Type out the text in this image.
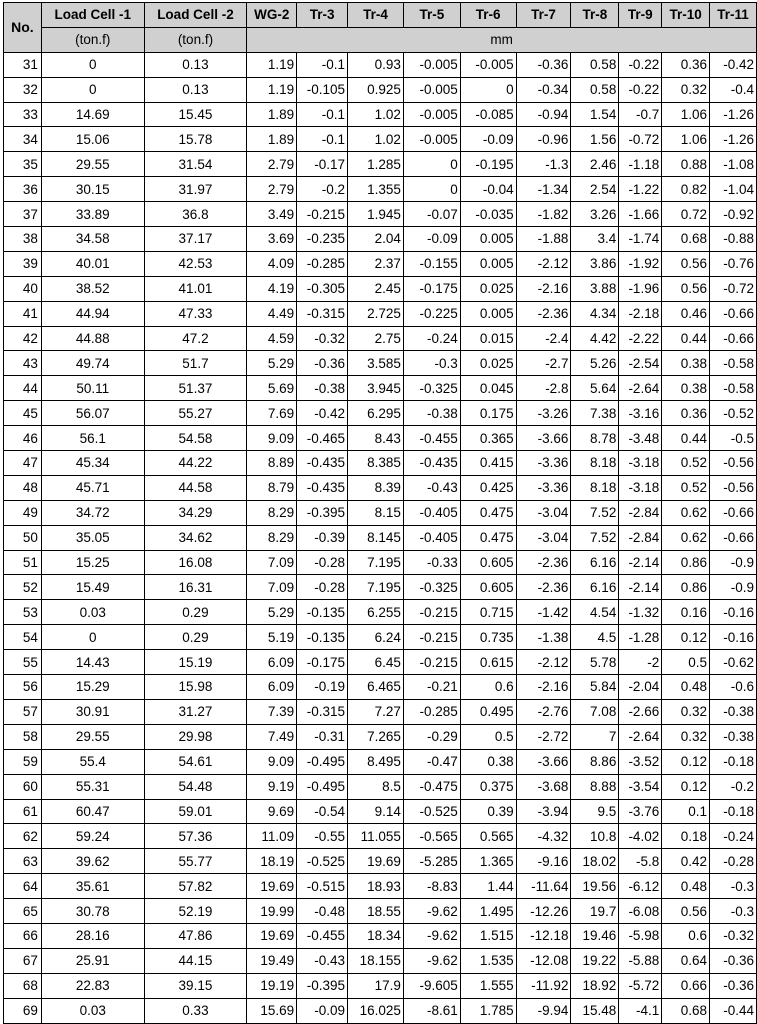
No.	Load Cell -1	Load Cell -2	WG-2	Tr-3	Tr-4	Tr-5	Tr-6	Tr-7	Tr-8	Tr-9	Tr-10	Tr-11
	(ton.f)	(ton.f)	mm									
31	0	0.13	1.19	-0.1	0.93	-0.005	-0.005	-0.36	0.58	-0.22	0.36	-0.42
32	0	0.13	1.19	-0.105	0.925	-0.005	0	-0.34	0.58	-0.22	0.32	-0.4
33	14.69	15.45	1.89	-0.1	1.02	-0.005	-0.085	-0.94	1.54	-0.7	1.06	-1.26
34	15.06	15.78	1.89	-0.1	1.02	-0.005	-0.09	-0.96	1.56	-0.72	1.06	-1.26
35	29.55	31.54	2.79	-0.17	1.285	0	-0.195	-1.3	2.46	-1.18	0.88	-1.08
36	30.15	31.97	2.79	-0.2	1.355	0	-0.04	-1.34	2.54	-1.22	0.82	-1.04
37	33.89	36.8	3.49	-0.215	1.945	-0.07	-0.035	-1.82	3.26	-1.66	0.72	-0.92
38	34.58	37.17	3.69	-0.235	2.04	-0.09	0.005	-1.88	3.4	-1.74	0.68	-0.88
39	40.01	42.53	4.09	-0.285	2.37	-0.155	0.005	-2.12	3.86	-1.92	0.56	-0.76
40	38.52	41.01	4.19	-0.305	2.45	-0.175	0.025	-2.16	3.88	-1.96	0.56	-0.72
41	44.94	47.33	4.49	-0.315	2.725	-0.225	0.005	-2.36	4.34	-2.18	0.46	-0.66
42	44.88	47.2	4.59	-0.32	2.75	-0.24	0.015	-2.4	4.42	-2.22	0.44	-0.66
43	49.74	51.7	5.29	-0.36	3.585	-0.3	0.025	-2.7	5.26	-2.54	0.38	-0.58
44	50.11	51.37	5.69	-0.38	3.945	-0.325	0.045	-2.8	5.64	-2.64	0.38	-0.58
45	56.07	55.27	7.69	-0.42	6.295	-0.38	0.175	-3.26	7.38	-3.16	0.36	-0.52
46	56.1	54.58	9.09	-0.465	8.43	-0.455	0.365	-3.66	8.78	-3.48	0.44	-0.5
47	45.34	44.22	8.89	-0.435	8.385	-0.435	0.415	-3.36	8.18	-3.18	0.52	-0.56
48	45.71	44.58	8.79	-0.435	8.39	-0.43	0.425	-3.36	8.18	-3.18	0.52	-0.56
49	34.72	34.29	8.29	-0.395	8.15	-0.405	0.475	-3.04	7.52	-2.84	0.62	-0.66
50	35.05	34.62	8.29	-0.39	8.145	-0.405	0.475	-3.04	7.52	-2.84	0.62	-0.66
51	15.25	16.08	7.09	-0.28	7.195	-0.33	0.605	-2.36	6.16	-2.14	0.86	-0.9
52	15.49	16.31	7.09	-0.28	7.195	-0.325	0.605	-2.36	6.16	-2.14	0.86	-0.9
53	0.03	0.29	5.29	-0.135	6.255	-0.215	0.715	-1.42	4.54	-1.32	0.16	-0.16
54	0	0.29	5.19	-0.135	6.24	-0.215	0.735	-1.38	4.5	-1.28	0.12	-0.16
55	14.43	15.19	6.09	-0.175	6.45	-0.215	0.615	-2.12	5.78	-2	0.5	-0.62
56	15.29	15.98	6.09	-0.19	6.465	-0.21	0.6	-2.16	5.84	-2.04	0.48	-0.6
57	30.91	31.27	7.39	-0.315	7.27	-0.285	0.495	-2.76	7.08	-2.66	0.32	-0.38
58	29.55	29.98	7.49	-0.31	7.265	-0.29	0.5	-2.72	7	-2.64	0.32	-0.38
59	55.4	54.61	9.09	-0.495	8.495	-0.47	0.38	-3.66	8.86	-3.52	0.12	-0.18
60	55.31	54.48	9.19	-0.495	8.5	-0.475	0.375	-3.68	8.88	-3.54	0.12	-0.2
61	60.47	59.01	9.69	-0.54	9.14	-0.525	0.39	-3.94	9.5	-3.76	0.1	-0.18
62	59.24	57.36	11.09	-0.55	11.055	-0.565	0.565	-4.32	10.8	-4.02	0.18	-0.24
63	39.62	55.77	18.19	-0.525	19.69	-5.285	1.365	-9.16	18.02	-5.8	0.42	-0.28
64	35.61	57.82	19.69	-0.515	18.93	-8.83	1.44	-11.64	19.56	-6.12	0.48	-0.3
65	30.78	52.19	19.99	-0.48	18.55	-9.62	1.495	-12.26	19.7	-6.08	0.56	-0.3
66	28.16	47.86	19.69	-0.455	18.34	-9.62	1.515	-12.18	19.46	-5.98	0.6	-0.32
67	25.91	44.15	19.49	-0.43	18.155	-9.62	1.535	-12.08	19.22	-5.88	0.64	-0.36
68	22.83	39.15	19.19	-0.395	17.9	-9.605	1.555	-11.92	18.92	-5.72	0.66	-0.36
69	0.03	0.33	15.69	-0.09	16.025	-8.61	1.785	-9.94	15.48	-4.1	0.68	-0.44
